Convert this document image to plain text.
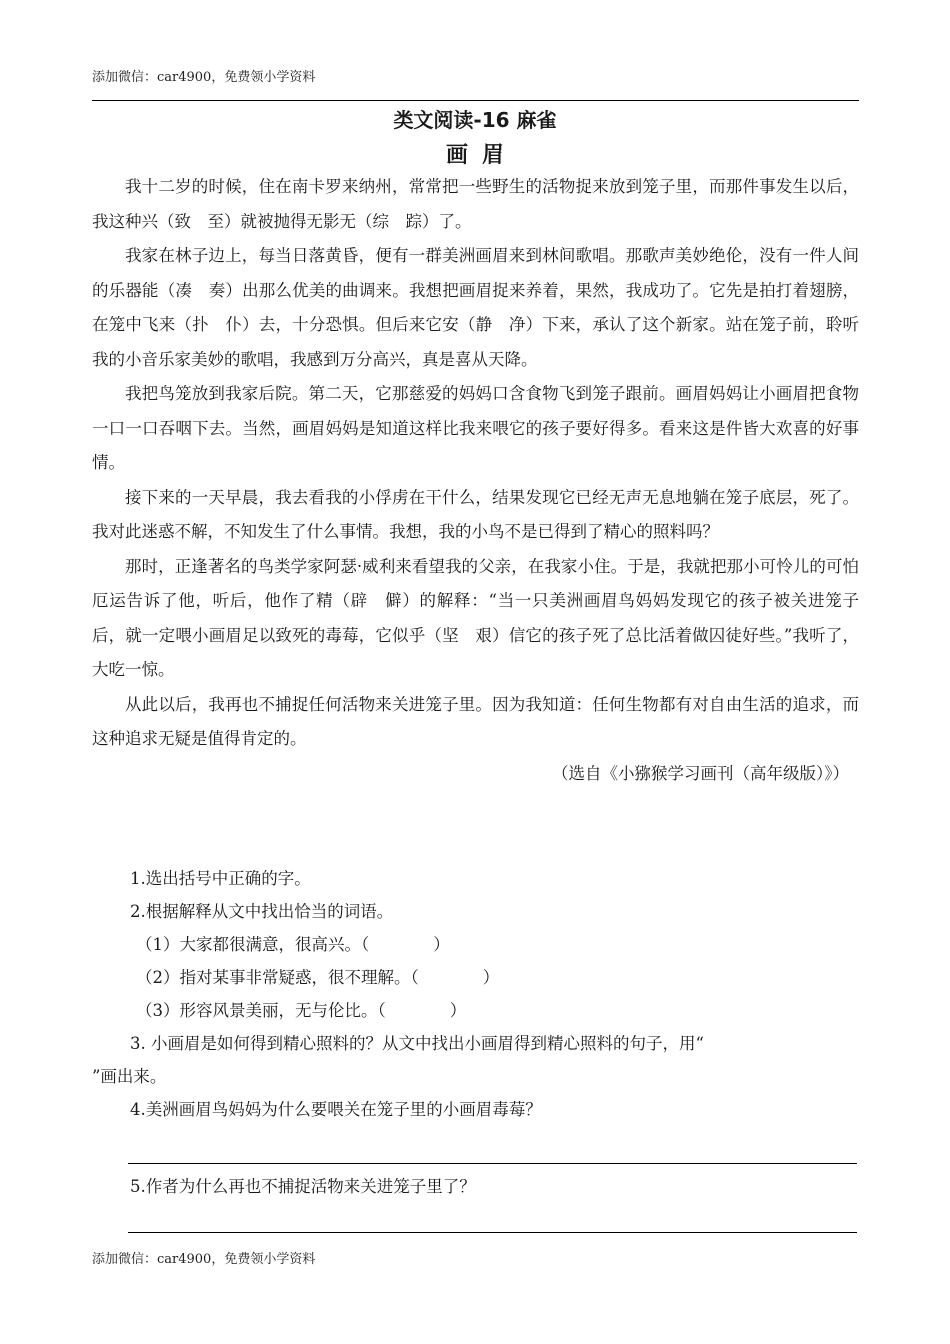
添加微信：car4900，免费领小学资料
类文阅读-16 麻雀
画眉

我十二岁的时候，住在南卡罗来纳州，常常把一些野生的活物捉来放到笼子里，而那件事发生以后，我这种兴（致　至）就被抛得无影无（综　踪）了。

我家在林子边上，每当日落黄昏，便有一群美洲画眉来到林间歌唱。那歌声美妙绝伦，没有一件人间的乐器能（凑　奏）出那么优美的曲调来。我想把画眉捉来养着，果然，我成功了。它先是拍打着翅膀，在笼中飞来（扑　仆）去，十分恐惧。但后来它安（静　净）下来，承认了这个新家。站在笼子前，聆听我的小音乐家美妙的歌唱，我感到万分高兴，真是喜从天降。

我把鸟笼放到我家后院。第二天，它那慈爱的妈妈口含食物飞到笼子跟前。画眉妈妈让小画眉把食物一口一口吞咽下去。当然，画眉妈妈是知道这样比我来喂它的孩子要好得多。看来这是件皆大欢喜的好事情。

接下来的一天早晨，我去看我的小俘虏在干什么，结果发现它已经无声无息地躺在笼子底层，死了。我对此迷惑不解，不知发生了什么事情。我想，我的小鸟不是已得到了精心的照料吗？

那时，正逢著名的鸟类学家阿瑟·威利来看望我的父亲，在我家小住。于是，我就把那小可怜儿的可怕厄运告诉了他，听后，他作了精（辟　僻）的解释：“当一只美洲画眉鸟妈妈发现它的孩子被关进笼子后，就一定喂小画眉足以致死的毒莓，它似乎（坚　艰）信它的孩子死了总比活着做囚徒好些。”我听了，大吃一惊。

从此以后，我再也不捕捉任何活物来关进笼子里。因为我知道：任何生物都有对自由生活的追求，而这种追求无疑是值得肯定的。

（选自《小猕猴学习画刊（高年级版）》）

1.选出括号中正确的字。

2.根据解释从文中找出恰当的词语。

（1）大家都很满意，很高兴。（	）

（2）指对某事非常疑惑，很不理解。（	）

（3）形容风景美丽，无与伦比。（	）

3. 小画眉是如何得到精心照料的？从文中找出小画眉得到精心照料的句子，用“

”画出来。

4.美洲画眉鸟妈妈为什么要喂关在笼子里的小画眉毒莓？

5.作者为什么再也不捕捉活物来关进笼子里了？

添加微信：car4900，免费领小学资料
